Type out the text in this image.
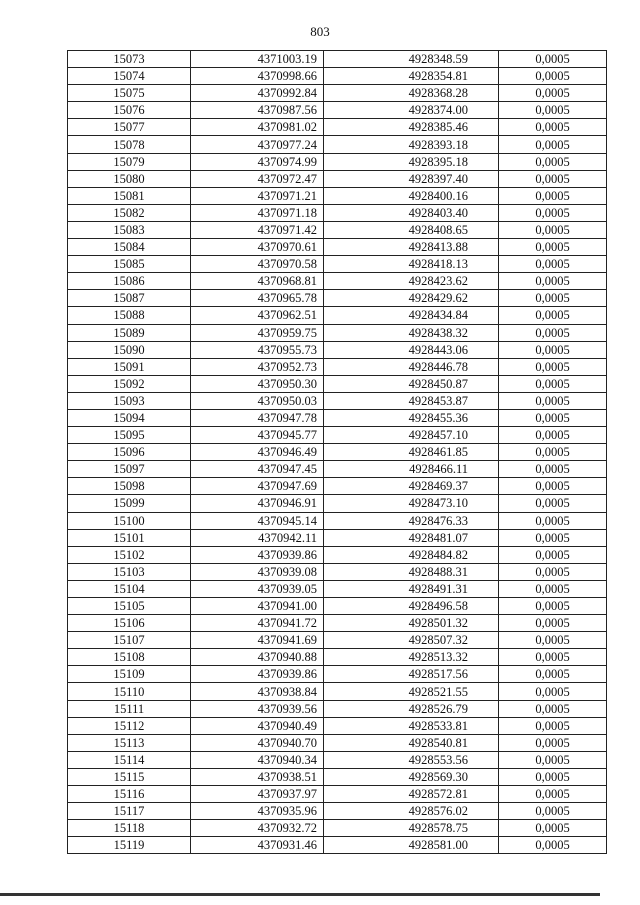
803
15073	4371003.19	4928348.59	0,0005
15074	4370998.66	4928354.81	0,0005
15075	4370992.84	4928368.28	0,0005
15076	4370987.56	4928374.00	0,0005
15077	4370981.02	4928385.46	0,0005
15078	4370977.24	4928393.18	0,0005
15079	4370974.99	4928395.18	0,0005
15080	4370972.47	4928397.40	0,0005
15081	4370971.21	4928400.16	0,0005
15082	4370971.18	4928403.40	0,0005
15083	4370971.42	4928408.65	0,0005
15084	4370970.61	4928413.88	0,0005
15085	4370970.58	4928418.13	0,0005
15086	4370968.81	4928423.62	0,0005
15087	4370965.78	4928429.62	0,0005
15088	4370962.51	4928434.84	0,0005
15089	4370959.75	4928438.32	0,0005
15090	4370955.73	4928443.06	0,0005
15091	4370952.73	4928446.78	0,0005
15092	4370950.30	4928450.87	0,0005
15093	4370950.03	4928453.87	0,0005
15094	4370947.78	4928455.36	0,0005
15095	4370945.77	4928457.10	0,0005
15096	4370946.49	4928461.85	0,0005
15097	4370947.45	4928466.11	0,0005
15098	4370947.69	4928469.37	0,0005
15099	4370946.91	4928473.10	0,0005
15100	4370945.14	4928476.33	0,0005
15101	4370942.11	4928481.07	0,0005
15102	4370939.86	4928484.82	0,0005
15103	4370939.08	4928488.31	0,0005
15104	4370939.05	4928491.31	0,0005
15105	4370941.00	4928496.58	0,0005
15106	4370941.72	4928501.32	0,0005
15107	4370941.69	4928507.32	0,0005
15108	4370940.88	4928513.32	0,0005
15109	4370939.86	4928517.56	0,0005
15110	4370938.84	4928521.55	0,0005
15111	4370939.56	4928526.79	0,0005
15112	4370940.49	4928533.81	0,0005
15113	4370940.70	4928540.81	0,0005
15114	4370940.34	4928553.56	0,0005
15115	4370938.51	4928569.30	0,0005
15116	4370937.97	4928572.81	0,0005
15117	4370935.96	4928576.02	0,0005
15118	4370932.72	4928578.75	0,0005
15119	4370931.46	4928581.00	0,0005
